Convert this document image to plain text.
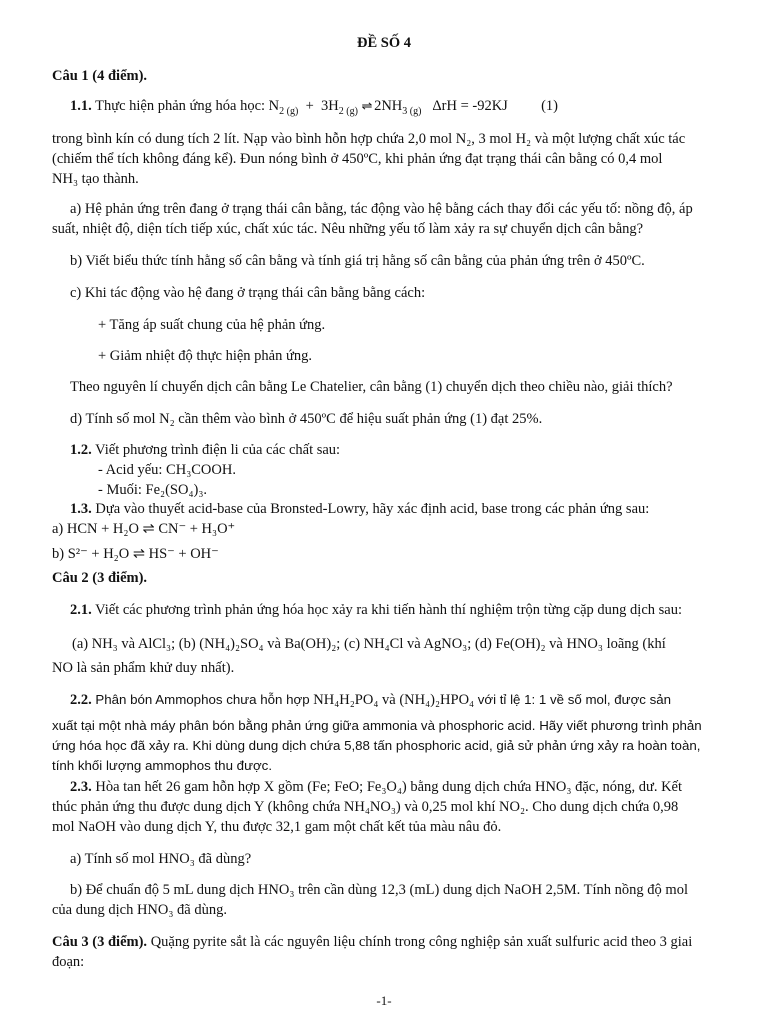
ĐỀ SỐ 4
Câu 1 (4 điểm).
1.1. Thực hiện phản ứng hóa học: $N_{2 (g)} + 3H_{2 (g)}$ ⇌ $2NH_{3 (g)}$ ΔrH = -92KJ (1)
trong bình kín có dung tích 2 lít. Nạp vào bình hỗn hợp chứa 2,0 mol N₂, 3 mol H₂ và một lượng chất xúc tác
(chiếm thể tích không đáng kể). Đun nóng bình ở 450ºC, khi phản ứng đạt trạng thái cân bằng có 0,4 mol
NH₃ tạo thành.
a) Hệ phản ứng trên đang ở trạng thái cân bằng, tác động vào hệ bằng cách thay đổi các yếu tố: nồng độ, áp
suất, nhiệt độ, diện tích tiếp xúc, chất xúc tác. Nêu những yếu tố làm xảy ra sự chuyển dịch cân bằng?
b) Viết biểu thức tính hằng số cân bằng và tính giá trị hằng số cân bằng của phản ứng trên ở 450ºC.
c) Khi tác động vào hệ đang ở trạng thái cân bằng bằng cách:
+ Tăng áp suất chung của hệ phản ứng.
+ Giảm nhiệt độ thực hiện phản ứng.
Theo nguyên lí chuyển dịch cân bằng Le Chatelier, cân bằng (1) chuyển dịch theo chiều nào, giải thích?
d) Tính số mol N₂ cần thêm vào bình ở 450ºC để hiệu suất phản ứng (1) đạt 25%.
1.2. Viết phương trình điện li của các chất sau:
- Acid yếu: CH₃COOH.
- Muối: Fe₂(SO₄)₃.
1.3. Dựa vào thuyết acid-base của Bronsted-Lowry, hãy xác định acid, base trong các phản ứng sau:
a) HCN + H₂O ⇌ CN⁻ + H₃O⁺
b) S²⁻ + H₂O ⇌ HS⁻ + OH⁻
Câu 2 (3 điểm).
2.1. Viết các phương trình phản ứng hóa học xảy ra khi tiến hành thí nghiệm trộn từng cặp dung dịch sau:
(a) NH₃ và AlCl₃; (b) (NH₄)₂SO₄ và Ba(OH)₂; (c) NH₄Cl và AgNO₃; (d) Fe(OH)₂ và HNO₃ loãng (khí
NO là sản phẩm khử duy nhất).
2.2. Phân bón Ammophos chưa hỗn hợp NH₄H₂PO₄ và (NH₄)₂HPO₄ với tỉ lệ 1: 1 về số mol, được sản
xuất tại một nhà máy phân bón bằng phản ứng giữa ammonia và phosphoric acid. Hãy viết phương trình phản
ứng hóa học đã xảy ra. Khi dùng dung dịch chứa 5,88 tấn phosphoric acid, giả sử phản ứng xảy ra hoàn toàn,
tính khối lượng ammophos thu được.
2.3. Hòa tan hết 26 gam hỗn hợp X gồm (Fe; FeO; Fe₃O₄) bằng dung dịch chứa HNO₃ đặc, nóng, dư. Kết
thúc phản ứng thu được dung dịch Y (không chứa NH₄NO₃) và 0,25 mol khí NO₂. Cho dung dịch chứa 0,98
mol NaOH vào dung dịch Y, thu được 32,1 gam một chất kết tủa màu nâu đỏ.
a) Tính số mol HNO₃ đã dùng?
b) Để chuẩn độ 5 mL dung dịch HNO₃ trên cần dùng 12,3 (mL) dung dịch NaOH 2,5M. Tính nồng độ mol
của dung dịch HNO₃ đã dùng.
Câu 3 (3 điểm). Quặng pyrite sắt là các nguyên liệu chính trong công nghiệp sản xuất sulfuric acid theo 3 giai
đoạn:
-1-
